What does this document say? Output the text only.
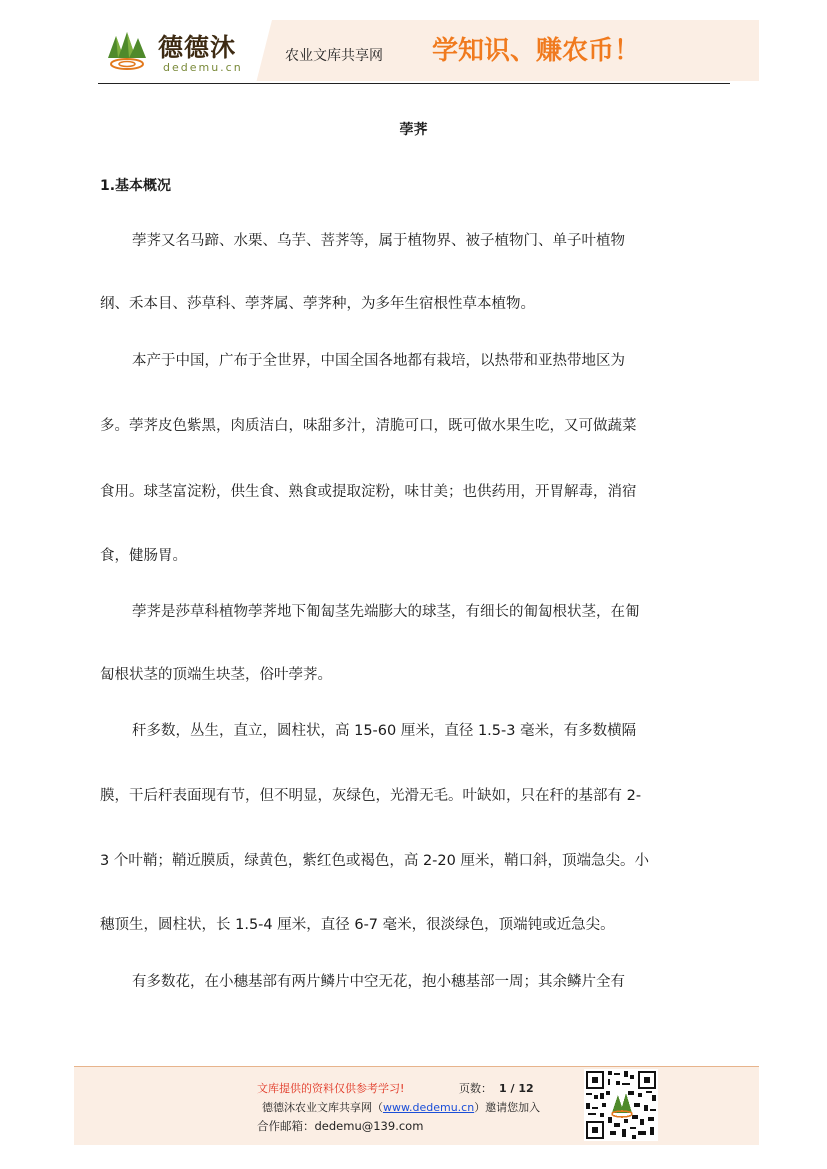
德德沐
dedemu.cn
农业文库共享网 学知识、赚农币！
荸荠
1.基本概况
荸荠又名马蹄、水栗、乌芋、菩荠等，属于植物界、被子植物门、单子叶植物
纲、禾本目、莎草科、荸荠属、荸荠种，为多年生宿根性草本植物。
本产于中国，广布于全世界，中国全国各地都有栽培，以热带和亚热带地区为
多。荸荠皮色紫黑，肉质洁白，味甜多汁，清脆可口，既可做水果生吃，又可做蔬菜
食用。球茎富淀粉，供生食、熟食或提取淀粉，味甘美；也供药用，开胃解毒，消宿
食，健肠胃。
荸荠是莎草科植物荸荠地下匍匐茎先端膨大的球茎，有细长的匍匐根状茎，在匍
匐根状茎的顶端生块茎，俗叶荸荠。
秆多数，丛生，直立，圆柱状，高 15-60 厘米，直径 1.5-3 毫米，有多数横隔
膜，干后秆表面现有节，但不明显，灰绿色，光滑无毛。叶缺如，只在秆的基部有 2-
3 个叶鞘；鞘近膜质，绿黄色，紫红色或褐色，高 2-20 厘米，鞘口斜，顶端急尖。小
穗顶生，圆柱状，长 1.5-4 厘米，直径 6-7 毫米，很淡绿色，顶端钝或近急尖。
有多数花，在小穗基部有两片鳞片中空无花，抱小穗基部一周；其余鳞片全有
文库提供的资料仅供参考学习!	页数： 1 / 12
德德沐农业文库共享网（www.dedemu.cn）邀请您加入
合作邮箱：dedemu@139.com
